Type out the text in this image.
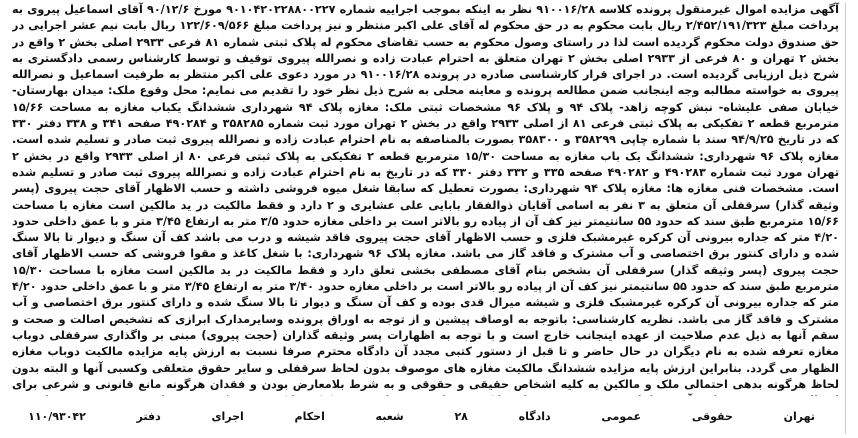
آگهی مزایده اموال غیرمنقول پرونده کلاسه ۹۱۰۰۱۶/۲۸ نظر به اینکه بموجب اجراییه شماره ۹۰۱۰۴۲۰۲۲۸۸۰۰۲۲۷ مورخ ۹۰/۱۲/۶ آقای اسماعیل پیروی به پرداخت مبلغ ۲/۴۵۲/۱۹۱/۳۲۳ ریال بابت محکوم به در حق محکوم له آقای علی اکبر منتظر و نیز پرداخت مبلغ ۱۲۲/۶۰۹/۵۶۶ ریال بابت نیم عشر اجرایی در حق صندوق دولت محکوم گردیده است لذا در راستای وصول محکوم به حسب تقاضای محکوم له پلاک ثبتی شماره ۸۱ فرعی ۲۹۳۳ اصلی بخش ۲ واقع در بخش ۲ تهران و ۸۰ فرعی از ۲۹۳۳ اصلی بخش ۲ تهران متعلق به احترام عبادت زاده و نصرالله پیروی توقیف و توسط کارشناس رسمی دادگستری به شرح ذیل ارزیابی گردیده است. در اجرای قرار کارشناسی صادره در پرونده ۹۱۰۰۱۶/۲۸ در مورد دعوی علی اکبر منتظر به طرفیت اسماعیل و نصرالله پیروی به خواسته مطالبه وجه اینجانب ضمن مطالعه پرونده و معاینه محلی به شرح ذیل نظر خود را تقدیم می نمایم: محل وقوع ملک: میدان بهارستان- خیابان صفی علیشاه- نبش کوچه زاهد- پلاک ۹۴ و پلاک ۹۶ مشخصات ثبتی ملک: مغازه پلاک ۹۴ شهرداری ششدانگ یکباب مغازه به مساحت ۱۵/۶۶ مترمربع قطعه ۲ تفکیکی به پلاک ثبتی فرعی ۸۱ از اصلی ۲۹۳۳ واقع در بخش ۲ تهران مورد ثبت شماره ۳۵۸۲۸۵ و ۴۹۰۲۸۴ صفحه ۳۴۱ و ۳۳۸ دفتر ۳۳۰ که در تاریخ ۹۴/۹/۲۵ سند با شماره چاپی ۳۵۸۲۹۹ و ۳۵۸۳۰۰ بصورت بالمناصفه به نام احترام عبادت زاده و نصرالله پیروی ثبت صادر و تسلیم شده است. مغازه پلاک ۹۶ شهرداری: ششدانگ یک باب مغازه به مساحت ۱۵/۳۰ مترمربع قطعه ۲ تفکیکی به پلاک ثبتی فرعی ۸۰ از اصلی ۲۹۳۳ واقع در بخش ۲ تهران مورد ثبت شماره ۴۹۰۲۸۳ و ۴۹۰۲۸۲ صفحه ۳۳۵ و ۳۳۲ دفتر ۳۳۰ که در تاریخ به نام احترام عبادت زاده و نصرالله پیروی ثبت صادر و تسلیم شده است. مشخصات فنی مغازه ها: مغازه پلاک ۹۴ شهرداری: بصورت تعطیل که سابقا شغل میوه فروشی داشته و حسب الاظهار آقای حجت پیروی (پسر وثیقه گذار) سرقفلی آن متعلق به ۳ نفر به اسامی آقایان ذوالفقار بابایی علی عشایری و ۲ دارد و فقط مالکیت در ید مالکین است مغازه با مساحت ۱۵/۶۶ مترمربع طبق سند که حدود ۵۵ سانتیمتر نیز کف آن از پیاده رو بالاتر است بر داخلی مغازه حدود ۳/۵ متر به ارتفاع ۳/۴۵ متر و با عمق داخلی حدود ۴/۲۰ متر که جداره بیرونی آن کرکره غیرمشبک فلزی و حسب الاظهار آقای حجت پیروی فاقد شیشه و درب می باشد کف آن سنگ و دیوار تا بالا سنگ شده و دارای کنتور برق اختصاصی و آب مشترک و فاقد گاز می باشد. مغازه پلاک ۹۶ شهرداری: با شغل کاغذ و مقوا فروشی که حسب الاظهار آقای حجت پیروی (پسر وثیقه گذار) سرقفلی آن بشخص بنام آقای مصطفی بخشی تعلق دارد و فقط مالکیت در ید مالکین است مغازه با مساحت ۱۵/۳۰ مترمربع طبق سند که حدود ۵۵ سانتیمتر نیز کف آن از پیاده رو بالاتر است بر داخلی مغازه حدود ۳/۴۰ متر به ارتفاع ۳/۴۵ متر و با عمق داخلی حدود ۴/۲۰ متر که جداره بیرونی آن کرکره غیرمشبک فلزی و شیشه میرال قدی بوده و کف آن سنگ و دیوار تا بالا سنگ شده و دارای کنتور برق اختصاصی و آب مشترک و فاقد گاز می باشد. نظریه کارشناسی: باتوجه به اوصاف پیشین و از توجه به اوراق پرونده وسایرمدارک ابرازی که تشخیص اصالت و صحت و سقم آنها به ذیل عدم صلاحیت از عهده اینجانب خارج است و با توجه به اظهارات پسر وثیقه گذاران (حجت پیروی) مبنی بر واگذاری سرقفلی دوباب مغازه تعرفه شده به نام دیگران در حال حاضر و تا قبل از دستور کتبی مجدد آن دادگاه محترم صرفا نسبت به ارزش پایه مزایده مالکیت دوباب مغازه الظهار می گردد. بنابراین ارزش پایه مزایده ششدانگ مالکیت مغازه های موصوف بدون لحاظ سرقفلی و سایر حقوق متعلقی وکسبی آنها و البته بدون لحاظ هرگونه بدهی احتمالی ملک و مالکین به کلیه اشخاص حقیقی و حقوقی و به شرط بلامعارض بودن و فقدان هرگونه مانع قانونی و شرعی برای

تهران
حقوقی
عمومی
دادگاه
۲۸
شعبه
احکام
اجرای
دفتر
۱۱۰/۹۳۰۴۲
